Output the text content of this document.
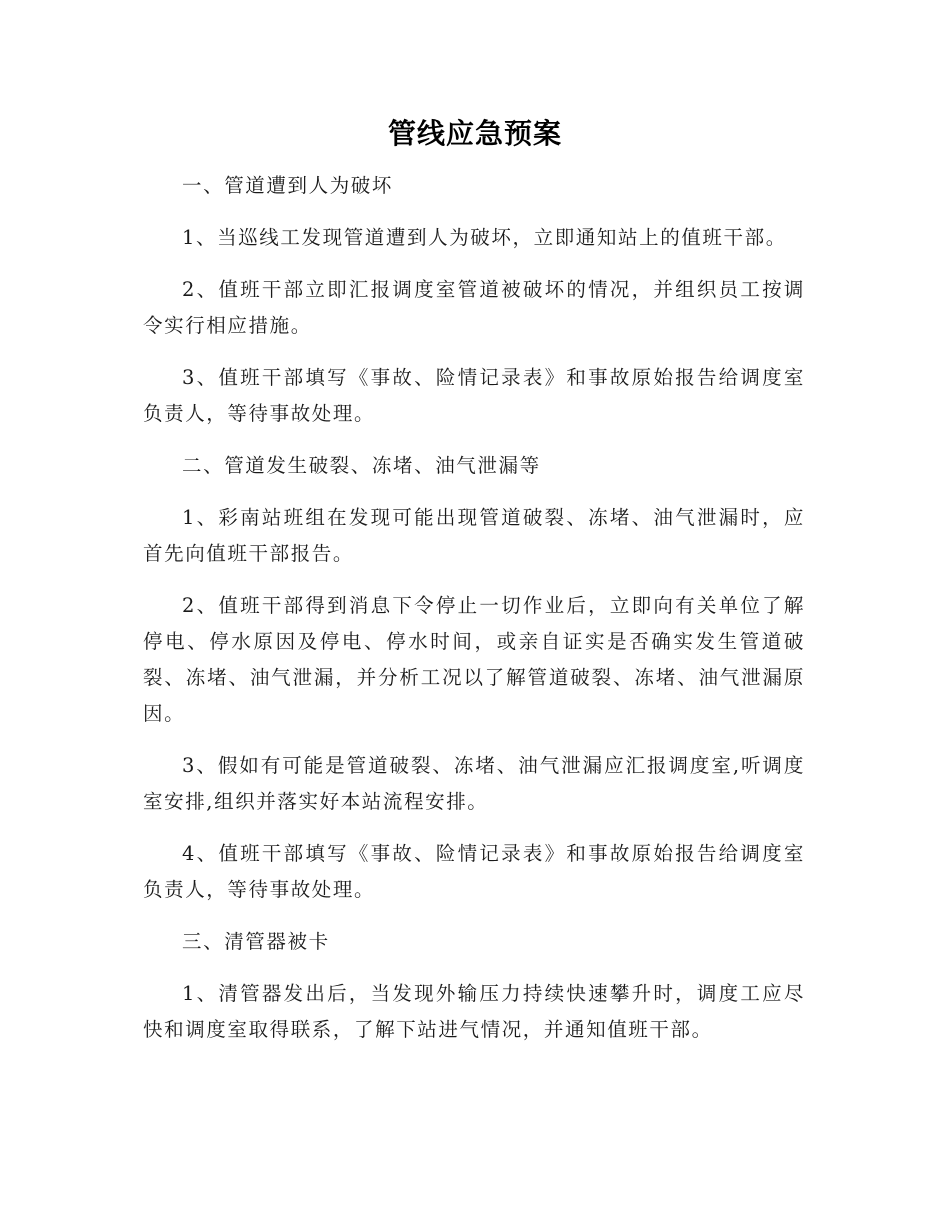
管线应急预案

一、管道遭到人为破坏

1、当巡线工发现管道遭到人为破坏，立即通知站上的值班干部。

2、值班干部立即汇报调度室管道被破坏的情况，并组织员工按调令实行相应措施。

3、值班干部填写《事故、险情记录表》和事故原始报告给调度室负责人，等待事故处理。

二、管道发生破裂、冻堵、油气泄漏等

1、彩南站班组在发现可能出现管道破裂、冻堵、油气泄漏时，应首先向值班干部报告。

2、值班干部得到消息下令停止一切作业后，立即向有关单位了解停电、停水原因及停电、停水时间，或亲自证实是否确实发生管道破裂、冻堵、油气泄漏，并分析工况以了解管道破裂、冻堵、油气泄漏原因。

3、假如有可能是管道破裂、冻堵、油气泄漏应汇报调度室,听调度室安排,组织并落实好本站流程安排。

4、值班干部填写《事故、险情记录表》和事故原始报告给调度室负责人，等待事故处理。

三、清管器被卡

1、清管器发出后，当发现外输压力持续快速攀升时，调度工应尽快和调度室取得联系，了解下站进气情况，并通知值班干部。
